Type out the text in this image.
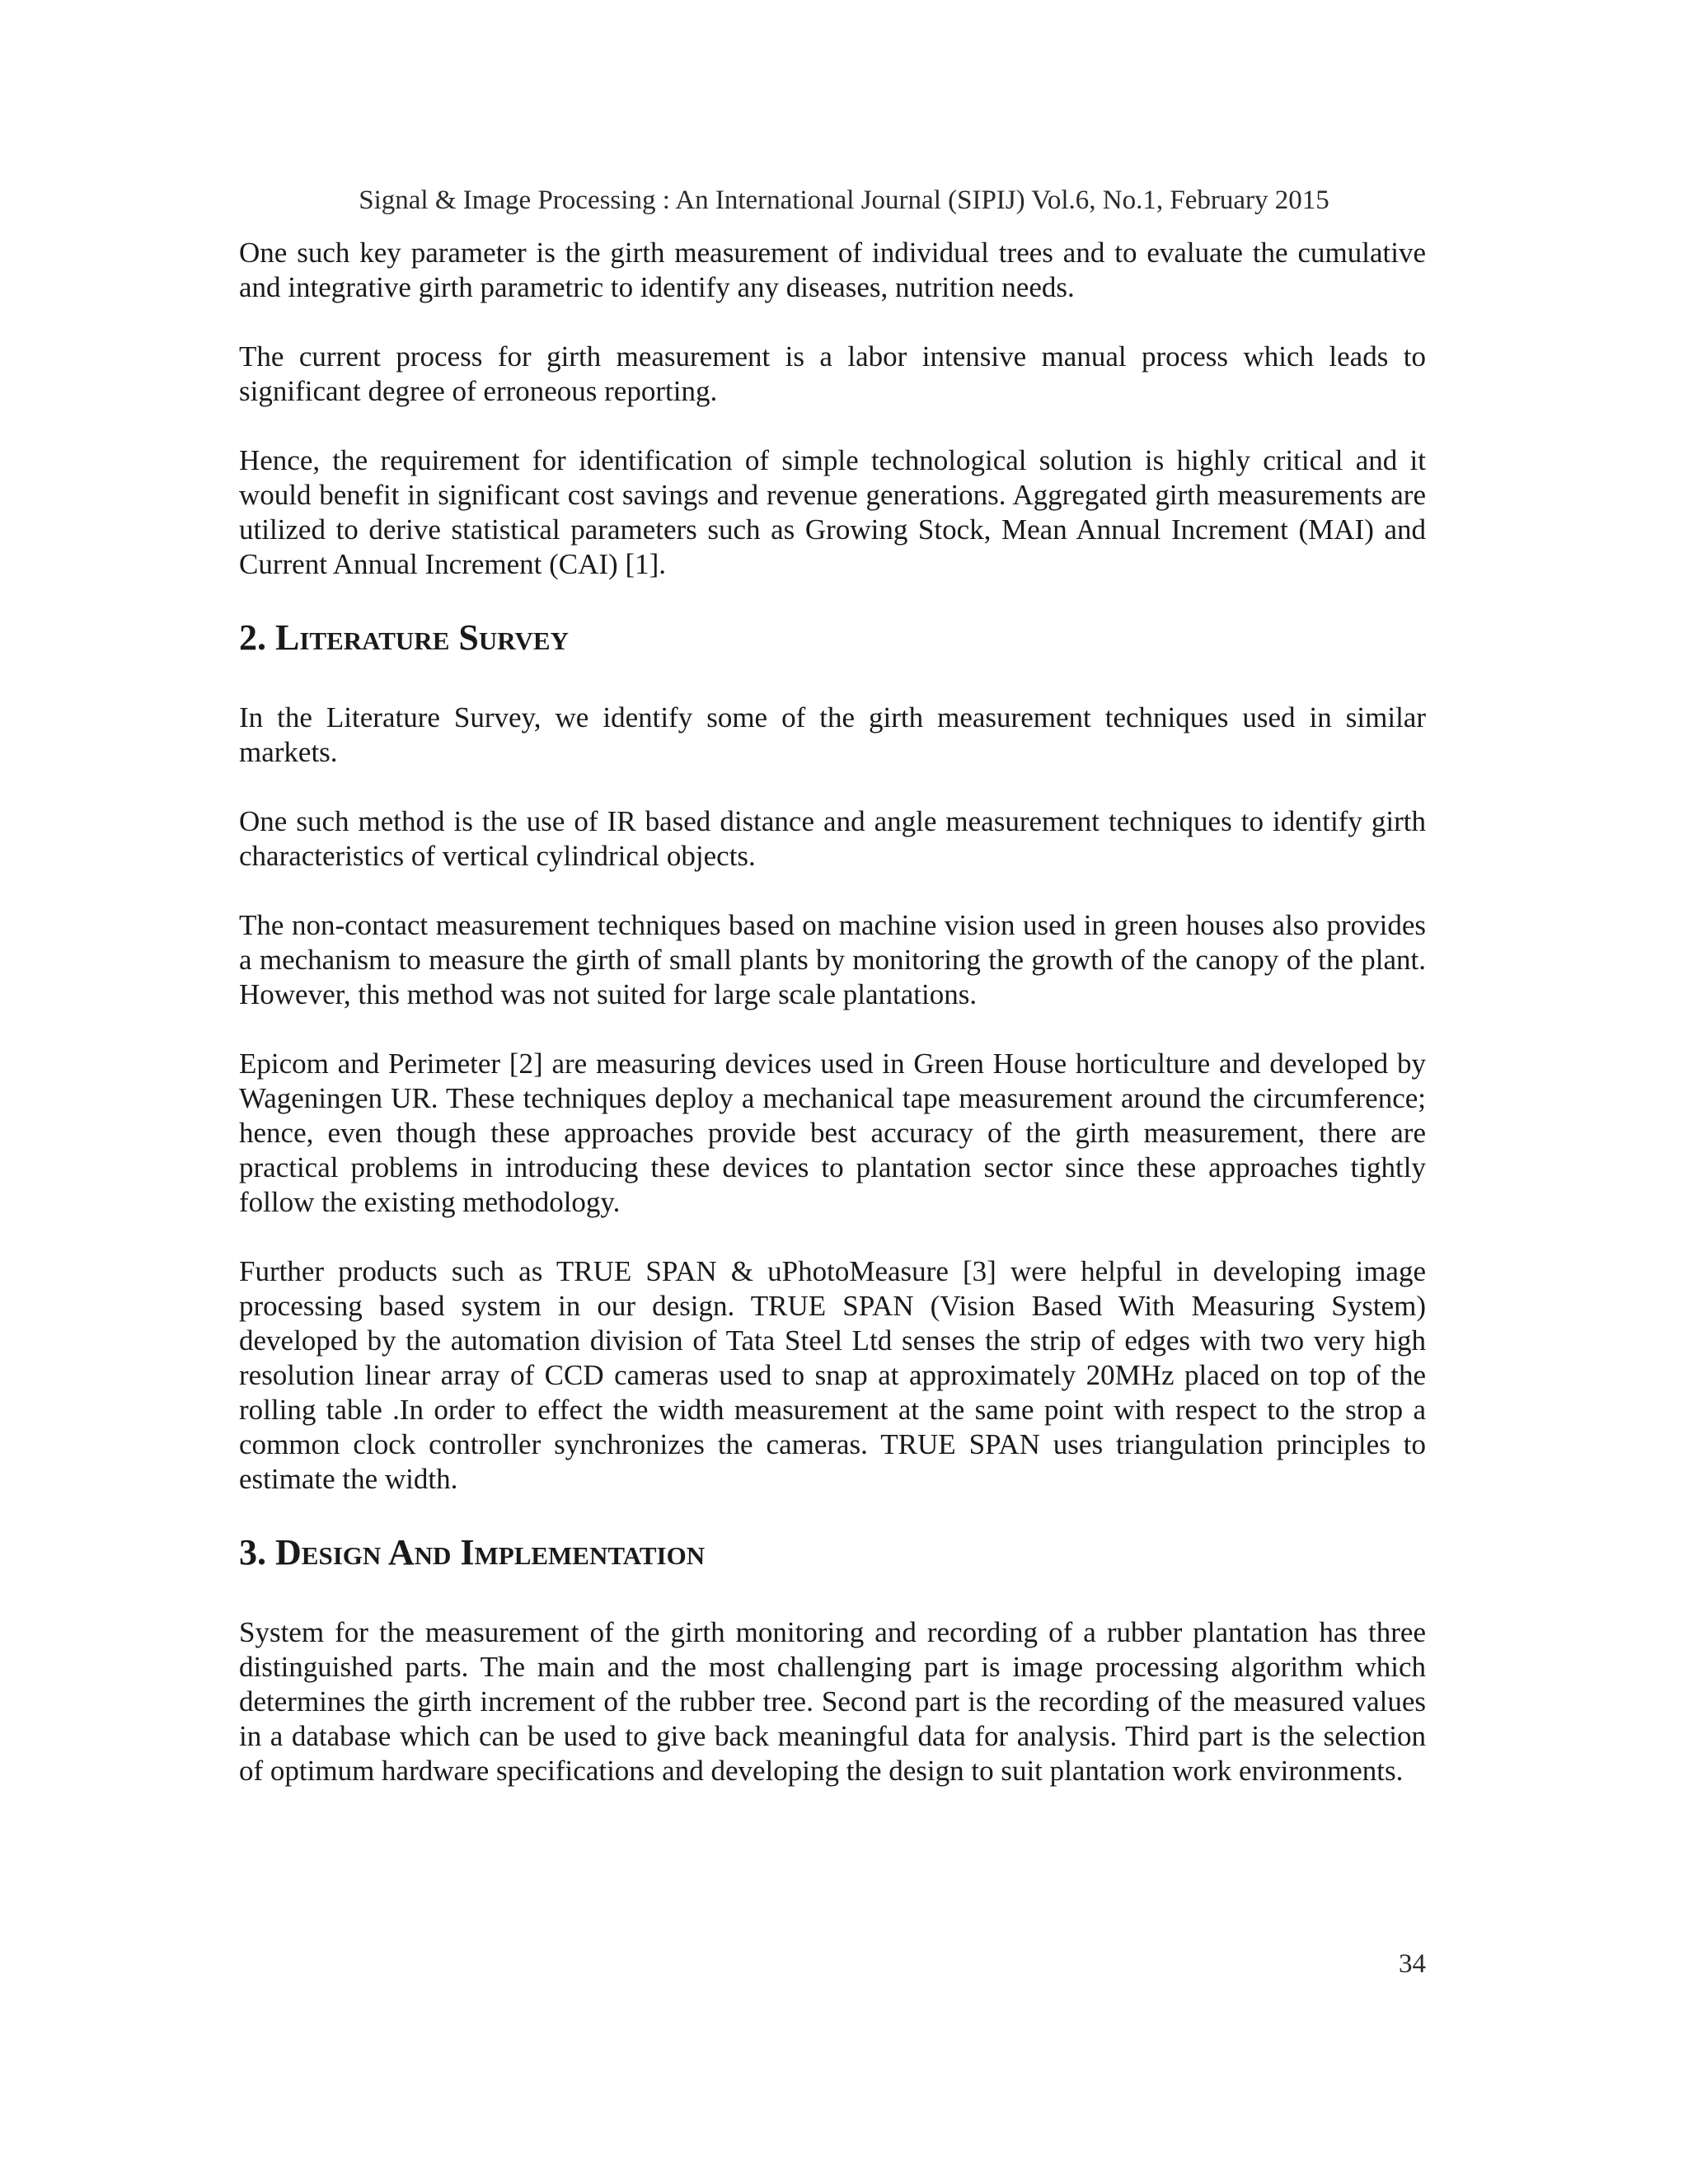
Signal & Image Processing : An International Journal (SIPIJ) Vol.6, No.1, February 2015

One such key parameter is the girth measurement of individual trees and to evaluate the cumulative and integrative girth parametric to identify any diseases, nutrition needs.

The current process for girth measurement is a labor intensive manual process which leads to significant degree of erroneous reporting.

Hence, the requirement for identification of simple technological solution is highly critical and it would benefit in significant cost savings and revenue generations. Aggregated girth measurements are utilized to derive statistical parameters such as Growing Stock, Mean Annual Increment (MAI) and Current Annual Increment (CAI) [1].

2. Literature Survey

In the Literature Survey, we identify some of the girth measurement techniques used in similar markets.

One such method is the use of IR based distance and angle measurement techniques to identify girth characteristics of vertical cylindrical objects.

The non-contact measurement techniques based on machine vision used in green houses also provides a mechanism to measure the girth of small plants by monitoring the growth of the canopy of the plant. However, this method was not suited for large scale plantations.

Epicom and Perimeter [2] are measuring devices used in Green House horticulture and developed by Wageningen UR. These techniques deploy a mechanical tape measurement around the circumference; hence, even though these approaches provide best accuracy of the girth measurement, there are practical problems in introducing these devices to plantation sector since these approaches tightly follow the existing methodology.

Further products such as TRUE SPAN & uPhotoMeasure [3] were helpful in developing image processing based system in our design. TRUE SPAN (Vision Based With Measuring System) developed by the automation division of Tata Steel Ltd senses the strip of edges with two very high resolution linear array of CCD cameras used to snap at approximately 20MHz placed on top of the rolling table .In order to effect the width measurement at the same point with respect to the strop a common clock controller synchronizes the cameras. TRUE SPAN uses triangulation principles to estimate the width.

3. Design And Implementation

System for the measurement of the girth monitoring and recording of a rubber plantation has three distinguished parts. The main and the most challenging part is image processing algorithm which determines the girth increment of the rubber tree. Second part is the recording of the measured values in a database which can be used to give back meaningful data for analysis. Third part is the selection of optimum hardware specifications and developing the design to suit plantation work environments.

34
